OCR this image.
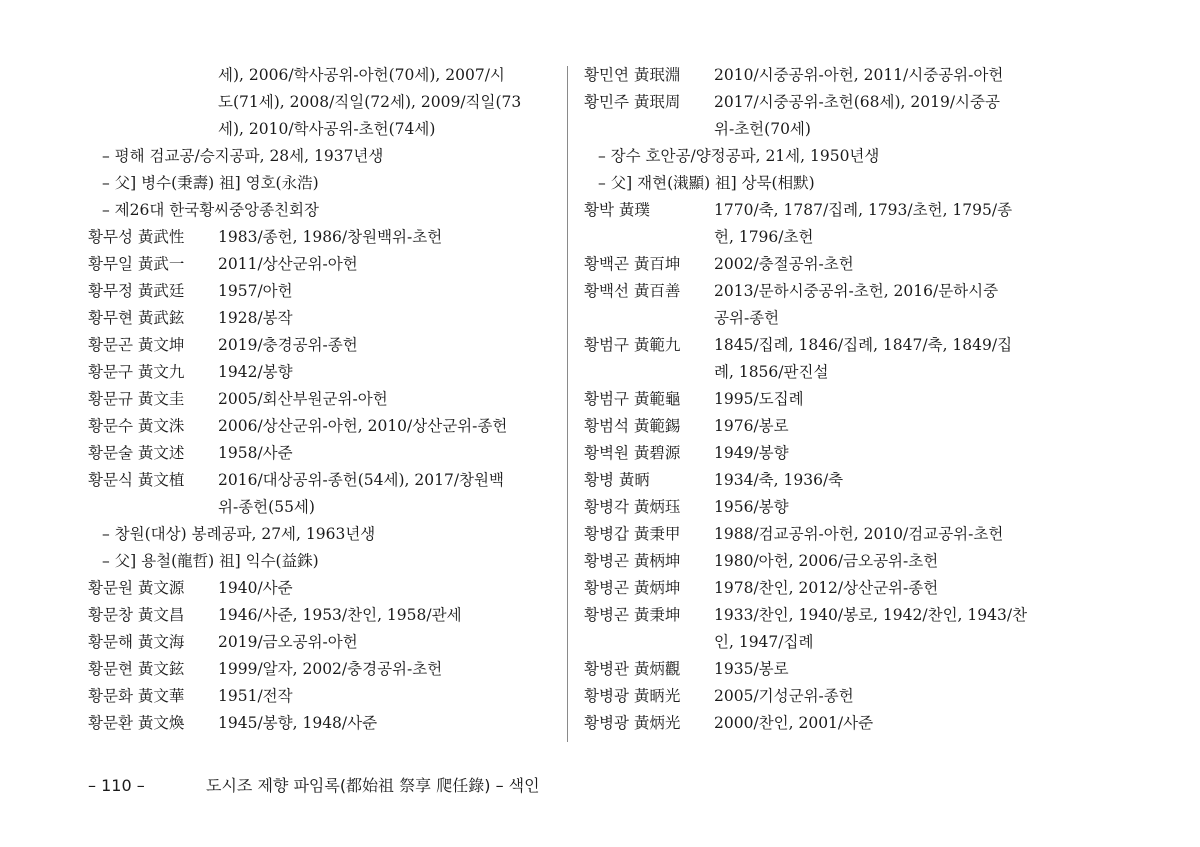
세), 2006/학사공위-아헌(70세), 2007/시
도(71세), 2008/직일(72세), 2009/직일(73
세), 2010/학사공위-초헌(74세)
– 평해 검교공/승지공파, 28세, 1937년생
– 父] 병수(秉壽) 祖] 영호(永浩)
– 제26대 한국황씨중앙종친회장
황무성 黃武性	1983/종헌, 1986/창원백위-초헌
황무일 黃武一	2011/상산군위-아헌
황무정 黃武廷	1957/아헌
황무현 黃武鉉	1928/봉작
황문곤 黃文坤	2019/충경공위-종헌
황문구 黃文九	1942/봉향
황문규 黃文圭	2005/회산부원군위-아헌
황문수 黃文洙	2006/상산군위-아헌, 2010/상산군위-종헌
황문술 黃文述	1958/사준
황문식 黃文植	2016/대상공위-종헌(54세), 2017/창원백
위-종헌(55세)
– 창원(대상) 봉례공파, 27세, 1963년생
– 父] 용철(龍哲) 祖] 익수(益銖)
황문원 黃文源	1940/사준
황문창 黃文昌	1946/사준, 1953/찬인, 1958/관세
황문해 黃文海	2019/금오공위-아헌
황문현 黃文鉉	1999/알자, 2002/충경공위-초헌
황문화 黃文華	1951/전작
황문환 黃文煥	1945/봉향, 1948/사준
황민연 黃珉淵	2010/시중공위-아헌, 2011/시중공위-아헌
황민주 黃珉周	2017/시중공위-초헌(68세), 2019/시중공
위-초헌(70세)
– 장수 호안공/양정공파, 21세, 1950년생
– 父] 재현(溨顯) 祖] 상묵(相默)
황박 黃璞	1770/축, 1787/집례, 1793/초헌, 1795/종
헌, 1796/초헌
황백곤 黃百坤	2002/충절공위-초헌
황백선 黃百善	2013/문하시중공위-초헌, 2016/문하시중
공위-종헌
황범구 黃範九	1845/집례, 1846/집례, 1847/축, 1849/집
례, 1856/판진설
황범구 黃範龜	1995/도집례
황범석 黃範錫	1976/봉로
황벽원 黃碧源	1949/봉향
황병 黃昞	1934/축, 1936/축
황병각 黃炳珏	1956/봉향
황병갑 黃秉甲	1988/검교공위-아헌, 2010/검교공위-초헌
황병곤 黃柄坤	1980/아헌, 2006/금오공위-초헌
황병곤 黃炳坤	1978/찬인, 2012/상산군위-종헌
황병곤 黃秉坤	1933/찬인, 1940/봉로, 1942/찬인, 1943/찬
인, 1947/집례
황병관 黃炳觀	1935/봉로
황병광 黃昞光	2005/기성군위-종헌
황병광 黃炳光	2000/찬인, 2001/사준
– 110 –	도시조 제향 파임록(都始祖 祭享 爬任錄) – 색인
